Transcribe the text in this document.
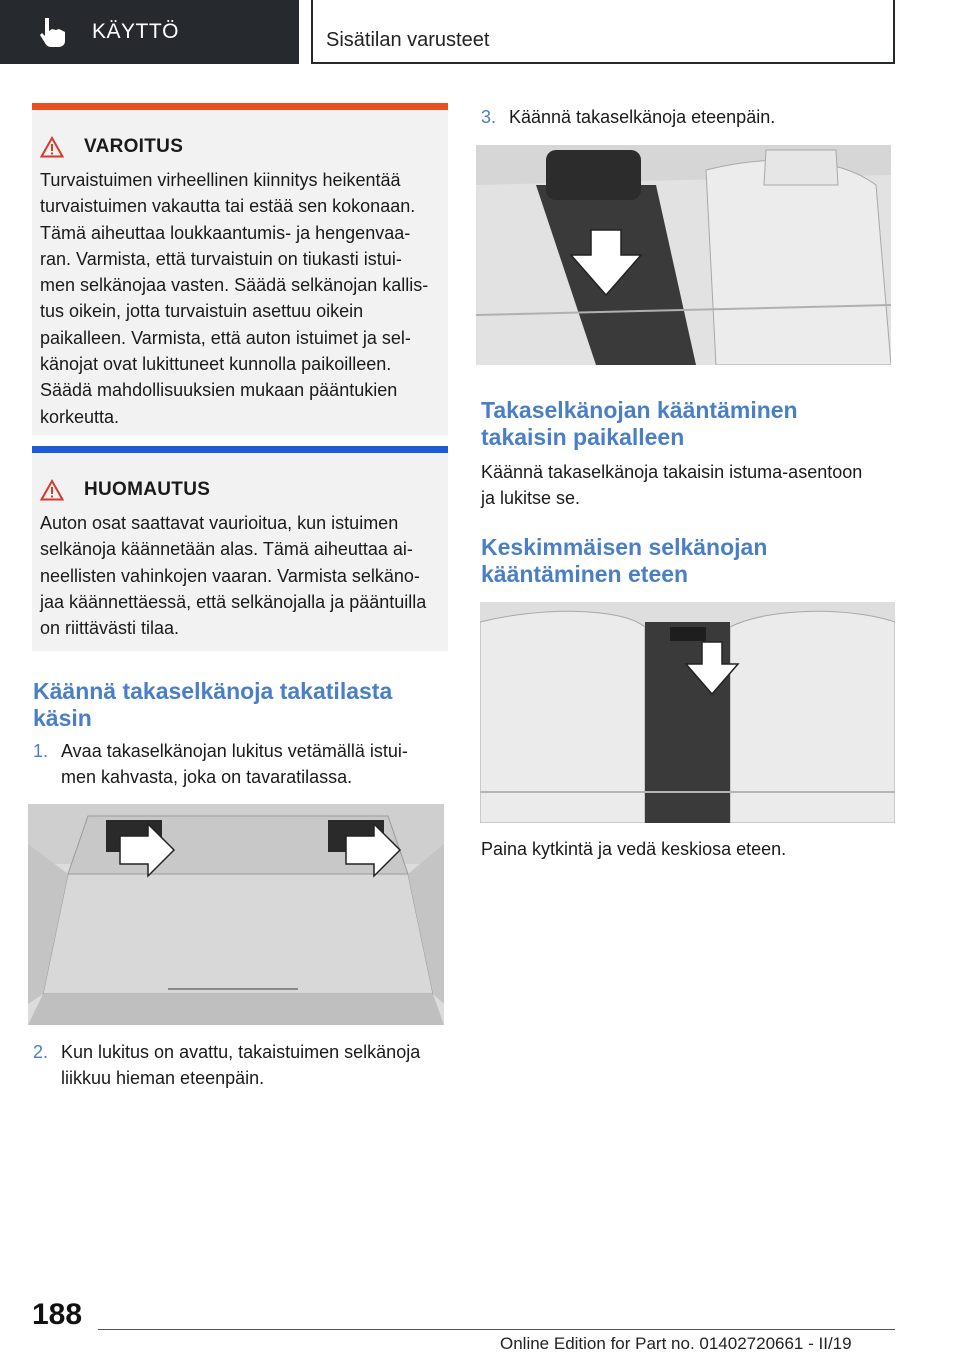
KÄYTTÖ	Sisätilan varusteet
VAROITUS
Turvaistuimen virheellinen kiinnitys heikentää
turvaistuimen vakautta tai estää sen kokonaan.
Tämä aiheuttaa loukkaantumis- ja hengenvaa-
ran. Varmista, että turvaistuin on tiukasti istui-
men selkänojaa vasten. Säädä selkänojan kallis-
tus oikein, jotta turvaistuin asettuu oikein
paikalleen. Varmista, että auton istuimet ja sel-
känojat ovat lukittuneet kunnolla paikoilleen.
Säädä mahdollisuuksien mukaan pääntukien
korkeutta.
HUOMAUTUS
Auton osat saattavat vaurioitua, kun istuimen
selkänoja käännetään alas. Tämä aiheuttaa ai-
neellisten vahinkojen vaaran. Varmista selkäno-
jaa käännettäessä, että selkänojalla ja pääntuilla
on riittävästi tilaa.
Käännä takaselkänoja takatilasta
käsin
1. Avaa takaselkänojan lukitus vetämällä istui-
men kahvasta, joka on tavaratilassa.
2. Kun lukitus on avattu, takaistuimen selkänoja
liikkuu hieman eteenpäin.
3. Käännä takaselkänoja eteenpäin.
Takaselkänojan kääntäminen
takaisin paikalleen
Käännä takaselkänoja takaisin istuma-asentoon
ja lukitse se.
Keskimmäisen selkänojan
kääntäminen eteen
Paina kytkintä ja vedä keskiosa eteen.
188
Online Edition for Part no. 01402720661 - II/19
